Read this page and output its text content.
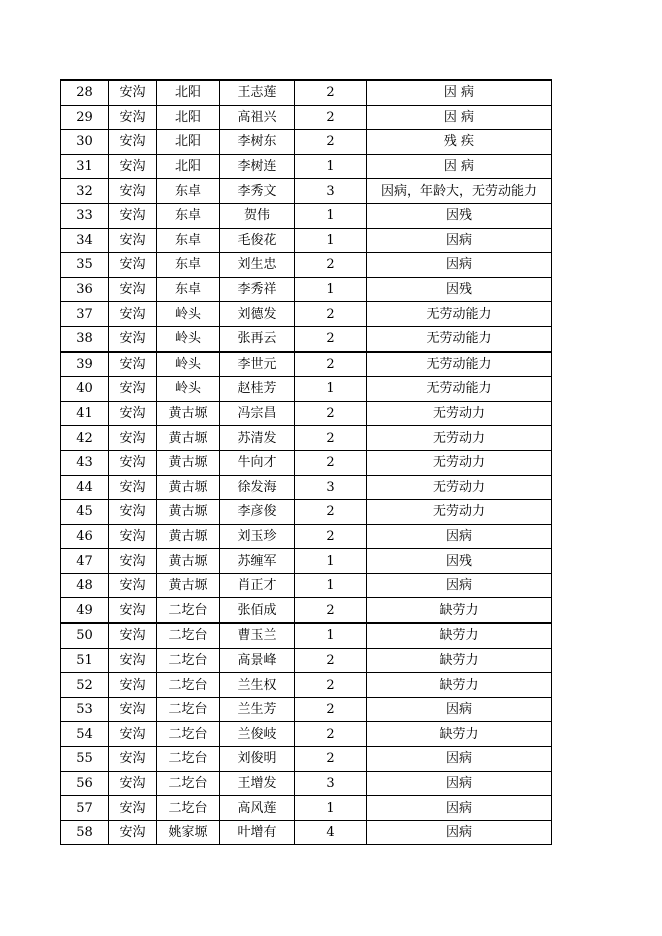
28	安沟	北阳	王志莲	2	因 病
29	安沟	北阳	高祖兴	2	因 病
30	安沟	北阳	李树东	2	残 疾
31	安沟	北阳	李树连	1	因 病
32	安沟	东卓	李秀文	3	因病，年龄大，无劳动能力
33	安沟	东卓	贺伟	1	因残
34	安沟	东卓	毛俊花	1	因病
35	安沟	东卓	刘生忠	2	因病
36	安沟	东卓	李秀祥	1	因残
37	安沟	岭头	刘德发	2	无劳动能力
38	安沟	岭头	张再云	2	无劳动能力
39	安沟	岭头	李世元	2	无劳动能力
40	安沟	岭头	赵桂芳	1	无劳动能力
41	安沟	黄古塬	冯宗昌	2	无劳动力
42	安沟	黄古塬	苏清发	2	无劳动力
43	安沟	黄古塬	牛向才	2	无劳动力
44	安沟	黄古塬	徐发海	3	无劳动力
45	安沟	黄古塬	李彦俊	2	无劳动力
46	安沟	黄古塬	刘玉珍	2	因病
47	安沟	黄古塬	苏缠军	1	因残
48	安沟	黄古塬	肖正才	1	因病
49	安沟	二圪台	张佰成	2	缺劳力
50	安沟	二圪台	曹玉兰	1	缺劳力
51	安沟	二圪台	高景峰	2	缺劳力
52	安沟	二圪台	兰生权	2	缺劳力
53	安沟	二圪台	兰生芳	2	因病
54	安沟	二圪台	兰俊岐	2	缺劳力
55	安沟	二圪台	刘俊明	2	因病
56	安沟	二圪台	王增发	3	因病
57	安沟	二圪台	高风莲	1	因病
58	安沟	姚家塬	叶增有	4	因病
